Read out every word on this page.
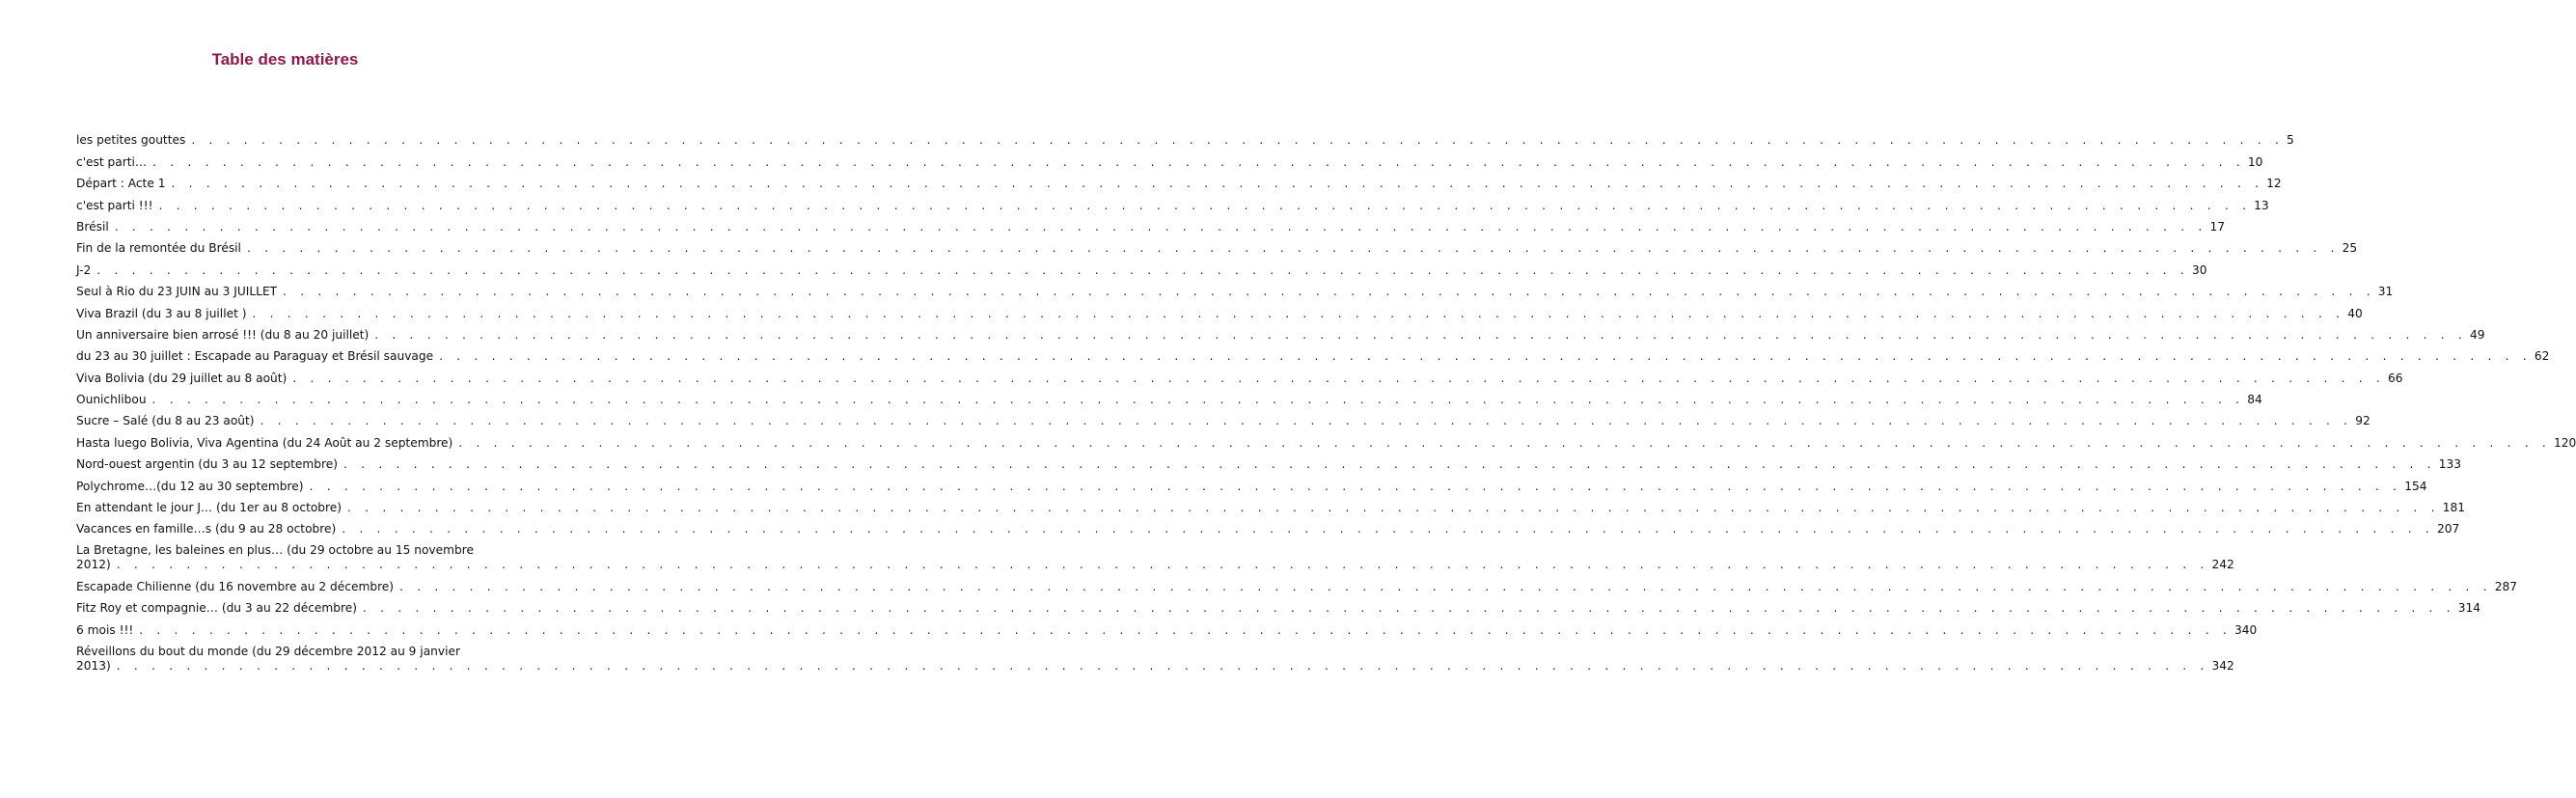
Table des matières
les petites gouttes . . . . . . . . . . . . . . . . . . . . . . . . . . . . . . . . . . . . . . . . . . . . . . . . . . . . . . . . . . . . . . . . . . . . . . . . . . . . . . . . . . . . . . . . . . . . . . . . . . . . . . . . . . . . . . . . . . . . . . . . 5
c'est parti… . . . . . . . . . . . . . . . . . . . . . . . . . . . . . . . . . . . . . . . . . . . . . . . . . . . . . . . . . . . . . . . . . . . . . . . . . . . . . . . . . . . . . . . . . . . . . . . . . . . . . . . . . . . . . . . . . . . . . . . . 10
Départ : Acte 1 . . . . . . . . . . . . . . . . . . . . . . . . . . . . . . . . . . . . . . . . . . . . . . . . . . . . . . . . . . . . . . . . . . . . . . . . . . . . . . . . . . . . . . . . . . . . . . . . . . . . . . . . . . . . . . . . . . . . . . . . 12
c'est parti !!! . . . . . . . . . . . . . . . . . . . . . . . . . . . . . . . . . . . . . . . . . . . . . . . . . . . . . . . . . . . . . . . . . . . . . . . . . . . . . . . . . . . . . . . . . . . . . . . . . . . . . . . . . . . . . . . . . . . . . . . . 13
Brésil . . . . . . . . . . . . . . . . . . . . . . . . . . . . . . . . . . . . . . . . . . . . . . . . . . . . . . . . . . . . . . . . . . . . . . . . . . . . . . . . . . . . . . . . . . . . . . . . . . . . . . . . . . . . . . . . . . . . . . . . 17
Fin de la remontée du Brésil . . . . . . . . . . . . . . . . . . . . . . . . . . . . . . . . . . . . . . . . . . . . . . . . . . . . . . . . . . . . . . . . . . . . . . . . . . . . . . . . . . . . . . . . . . . . . . . . . . . . . . . . . . . . . . . . . . . . . . . . 25
J-2 . . . . . . . . . . . . . . . . . . . . . . . . . . . . . . . . . . . . . . . . . . . . . . . . . . . . . . . . . . . . . . . . . . . . . . . . . . . . . . . . . . . . . . . . . . . . . . . . . . . . . . . . . . . . . . . . . . . . . . . . 30
Seul à Rio du 23 JUIN au 3 JUILLET . . . . . . . . . . . . . . . . . . . . . . . . . . . . . . . . . . . . . . . . . . . . . . . . . . . . . . . . . . . . . . . . . . . . . . . . . . . . . . . . . . . . . . . . . . . . . . . . . . . . . . . . . . . . . . . . . . . . . . . . 31
Viva Brazil (du 3 au 8 juillet ) . . . . . . . . . . . . . . . . . . . . . . . . . . . . . . . . . . . . . . . . . . . . . . . . . . . . . . . . . . . . . . . . . . . . . . . . . . . . . . . . . . . . . . . . . . . . . . . . . . . . . . . . . . . . . . . . . . . . . . . . 40
Un anniversaire bien arrosé !!! (du 8 au 20 juillet) . . . . . . . . . . . . . . . . . . . . . . . . . . . . . . . . . . . . . . . . . . . . . . . . . . . . . . . . . . . . . . . . . . . . . . . . . . . . . . . . . . . . . . . . . . . . . . . . . . . . . . . . . . . . . . . . . . . . . . . . 49
du 23 au 30 juillet : Escapade au Paraguay et Brésil sauvage . . . . . . . . . . . . . . . . . . . . . . . . . . . . . . . . . . . . . . . . . . . . . . . . . . . . . . . . . . . . . . . . . . . . . . . . . . . . . . . . . . . . . . . . . . . . . . . . . . . . . . . . . . . . . . . . . . . . . . . . 62
Viva Bolivia (du 29 juillet au 8 août) . . . . . . . . . . . . . . . . . . . . . . . . . . . . . . . . . . . . . . . . . . . . . . . . . . . . . . . . . . . . . . . . . . . . . . . . . . . . . . . . . . . . . . . . . . . . . . . . . . . . . . . . . . . . . . . . . . . . . . . . 66
Ounichlibou . . . . . . . . . . . . . . . . . . . . . . . . . . . . . . . . . . . . . . . . . . . . . . . . . . . . . . . . . . . . . . . . . . . . . . . . . . . . . . . . . . . . . . . . . . . . . . . . . . . . . . . . . . . . . . . . . . . . . . . . 84
Sucre – Salé (du 8 au 23 août) . . . . . . . . . . . . . . . . . . . . . . . . . . . . . . . . . . . . . . . . . . . . . . . . . . . . . . . . . . . . . . . . . . . . . . . . . . . . . . . . . . . . . . . . . . . . . . . . . . . . . . . . . . . . . . . . . . . . . . . . 92
Hasta luego Bolivia, Viva Agentina (du 24 Août au 2 septembre) . . . . . . . . . . . . . . . . . . . . . . . . . . . . . . . . . . . . . . . . . . . . . . . . . . . . . . . . . . . . . . . . . . . . . . . . . . . . . . . . . . . . . . . . . . . . . . . . . . . . . . . . . . . . . . . . . . . . . . . . 120
Nord-ouest argentin (du 3 au 12 septembre) . . . . . . . . . . . . . . . . . . . . . . . . . . . . . . . . . . . . . . . . . . . . . . . . . . . . . . . . . . . . . . . . . . . . . . . . . . . . . . . . . . . . . . . . . . . . . . . . . . . . . . . . . . . . . . . . . . . . . . . . 133
Polychrome…(du 12 au 30 septembre) . . . . . . . . . . . . . . . . . . . . . . . . . . . . . . . . . . . . . . . . . . . . . . . . . . . . . . . . . . . . . . . . . . . . . . . . . . . . . . . . . . . . . . . . . . . . . . . . . . . . . . . . . . . . . . . . . . . . . . . . 154
En attendant le jour J… (du 1er au 8 octobre) . . . . . . . . . . . . . . . . . . . . . . . . . . . . . . . . . . . . . . . . . . . . . . . . . . . . . . . . . . . . . . . . . . . . . . . . . . . . . . . . . . . . . . . . . . . . . . . . . . . . . . . . . . . . . . . . . . . . . . . . 181
Vacances en famille…s (du 9 au 28 octobre) . . . . . . . . . . . . . . . . . . . . . . . . . . . . . . . . . . . . . . . . . . . . . . . . . . . . . . . . . . . . . . . . . . . . . . . . . . . . . . . . . . . . . . . . . . . . . . . . . . . . . . . . . . . . . . . . . . . . . . . . 207
La Bretagne, les baleines en plus… (du 29 octobre au 15 novembre
2012) . . . . . . . . . . . . . . . . . . . . . . . . . . . . . . . . . . . . . . . . . . . . . . . . . . . . . . . . . . . . . . . . . . . . . . . . . . . . . . . . . . . . . . . . . . . . . . . . . . . . . . . . . . . . . . . . . . . . . . . . 242
Escapade Chilienne (du 16 novembre au 2 décembre) . . . . . . . . . . . . . . . . . . . . . . . . . . . . . . . . . . . . . . . . . . . . . . . . . . . . . . . . . . . . . . . . . . . . . . . . . . . . . . . . . . . . . . . . . . . . . . . . . . . . . . . . . . . . . . . . . . . . . . . . 287
Fitz Roy et compagnie… (du 3 au 22 décembre) . . . . . . . . . . . . . . . . . . . . . . . . . . . . . . . . . . . . . . . . . . . . . . . . . . . . . . . . . . . . . . . . . . . . . . . . . . . . . . . . . . . . . . . . . . . . . . . . . . . . . . . . . . . . . . . . . . . . . . . . 314
6 mois !!! . . . . . . . . . . . . . . . . . . . . . . . . . . . . . . . . . . . . . . . . . . . . . . . . . . . . . . . . . . . . . . . . . . . . . . . . . . . . . . . . . . . . . . . . . . . . . . . . . . . . . . . . . . . . . . . . . . . . . . . . 340
Réveillons du bout du monde (du 29 décembre 2012 au 9 janvier
2013) . . . . . . . . . . . . . . . . . . . . . . . . . . . . . . . . . . . . . . . . . . . . . . . . . . . . . . . . . . . . . . . . . . . . . . . . . . . . . . . . . . . . . . . . . . . . . . . . . . . . . . . . . . . . . . . . . . . . . . . . 342
